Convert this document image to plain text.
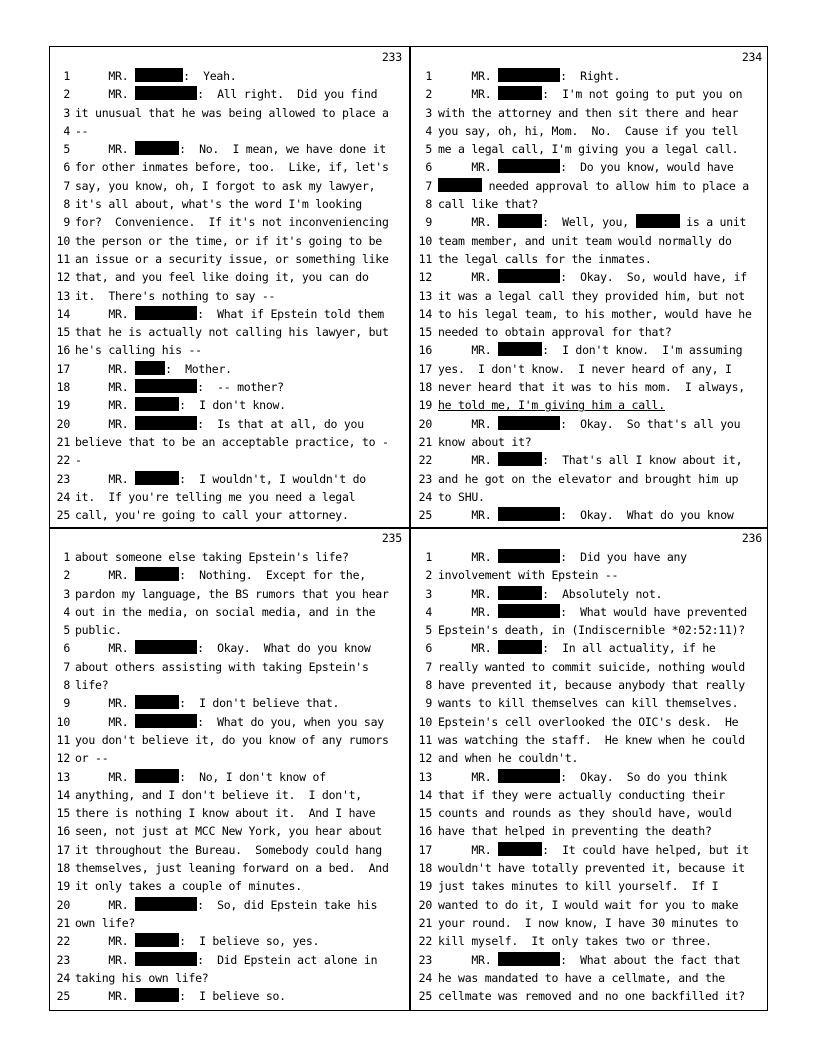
233
1 MR.	:  Yeah.
2 MR.	:  All right.  Did you find
3 it unusual that he was being allowed to place a
4 --
5 MR.	:  No.  I mean, we have done it
6 for other inmates before, too.  Like, if, let's
7 say, you know, oh, I forgot to ask my lawyer,
8 it's all about, what's the word I'm looking
9 for?  Convenience.  If it's not inconveniencing
10 the person or the time, or if it's going to be
11 an issue or a security issue, or something like
12 that, and you feel like doing it, you can do
13 it.  There's nothing to say --
14 MR.	:  What if Epstein told them
15 that he is actually not calling his lawyer, but
16 he's calling his --
17 MR.	:  Mother.
18 MR.	:  -- mother?
19 MR.	:  I don't know.
20 MR.	:  Is that at all, do you
21 believe that to be an acceptable practice, to -
22 -
23 MR.	:  I wouldn't, I wouldn't do
24 it.  If you're telling me you need a legal
25 call, you're going to call your attorney.
234
1 MR.	:  Right.
2 MR.	:  I'm not going to put you on
3 with the attorney and then sit there and hear
4 you say, oh, hi, Mom.  No.  Cause if you tell
5 me a legal call, I'm giving you a legal call.
6 MR.	:  Do you know, would have
7	needed approval to allow him to place a
8 call like that?
9 MR.	:  Well, you,	is a unit
10 team member, and unit team would normally do
11 the legal calls for the inmates.
12 MR.	:  Okay.  So, would have, if
13 it was a legal call they provided him, but not
14 to his legal team, to his mother, would have he
15 needed to obtain approval for that?
16 MR.	:  I don't know.  I'm assuming
17 yes.  I don't know.  I never heard of any, I
18 never heard that it was to his mom.  I always,
19 he told me, I'm giving him a call.
20 MR.	:  Okay.  So that's all you
21 know about it?
22 MR.	:  That's all I know about it,
23 and he got on the elevator and brought him up
24 to SHU.
25 MR.	:  Okay.  What do you know
235
1 about someone else taking Epstein's life?
2 MR.	:  Nothing.  Except for the,
3 pardon my language, the BS rumors that you hear
4 out in the media, on social media, and in the
5 public.
6 MR.	:  Okay.  What do you know
7 about others assisting with taking Epstein's
8 life?
9 MR.	:  I don't believe that.
10 MR.	:  What do you, when you say
11 you don't believe it, do you know of any rumors
12 or --
13 MR.	:  No, I don't know of
14 anything, and I don't believe it.  I don't,
15 there is nothing I know about it.  And I have
16 seen, not just at MCC New York, you hear about
17 it throughout the Bureau.  Somebody could hang
18 themselves, just leaning forward on a bed.  And
19 it only takes a couple of minutes.
20 MR.	:  So, did Epstein take his
21 own life?
22 MR.	:  I believe so, yes.
23 MR.	:  Did Epstein act alone in
24 taking his own life?
25 MR.	:  I believe so.
236
1 MR.	:  Did you have any
2 involvement with Epstein --
3 MR.	:  Absolutely not.
4 MR.	:  What would have prevented
5 Epstein's death, in (Indiscernible *02:52:11)?
6 MR.	:  In all actuality, if he
7 really wanted to commit suicide, nothing would
8 have prevented it, because anybody that really
9 wants to kill themselves can kill themselves.
10 Epstein's cell overlooked the OIC's desk.  He
11 was watching the staff.  He knew when he could
12 and when he couldn't.
13 MR.	:  Okay.  So do you think
14 that if they were actually conducting their
15 counts and rounds as they should have, would
16 have that helped in preventing the death?
17 MR.	:  It could have helped, but it
18 wouldn't have totally prevented it, because it
19 just takes minutes to kill yourself.  If I
20 wanted to do it, I would wait for you to make
21 your round.  I now know, I have 30 minutes to
22 kill myself.  It only takes two or three.
23 MR.	:  What about the fact that
24 he was mandated to have a cellmate, and the
25 cellmate was removed and no one backfilled it?
